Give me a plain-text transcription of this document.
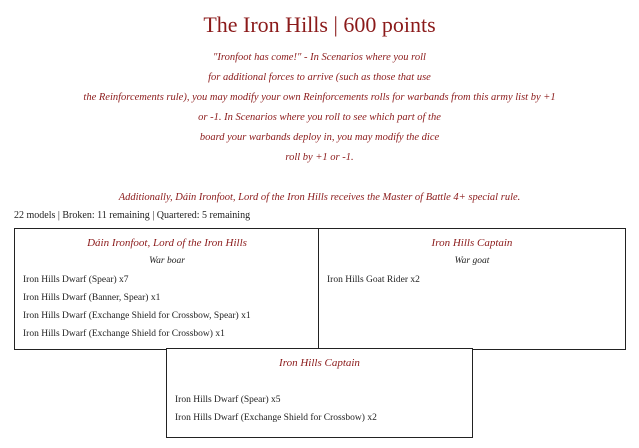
The Iron Hills | 600 points
"Ironfoot has come!" - In Scenarios where you roll
for additional forces to arrive (such as those that use
the Reinforcements rule), you may modify your own Reinforcements rolls for warbands from this army list by +1
or -1. In Scenarios where you roll to see which part of the
board your warbands deploy in, you may modify the dice
roll by +1 or -1.
Additionally, Dáin Ironfoot, Lord of the Iron Hills receives the Master of Battle 4+ special rule.
22 models | Broken: 11 remaining | Quartered: 5 remaining
Dáin Ironfoot, Lord of the Iron Hills
War boar
Iron Hills Dwarf (Spear) x7
Iron Hills Dwarf (Banner, Spear) x1
Iron Hills Dwarf (Exchange Shield for Crossbow, Spear) x1
Iron Hills Dwarf (Exchange Shield for Crossbow) x1
Iron Hills Captain
War goat
Iron Hills Goat Rider x2
Iron Hills Captain
Iron Hills Dwarf (Spear) x5
Iron Hills Dwarf (Exchange Shield for Crossbow) x2
